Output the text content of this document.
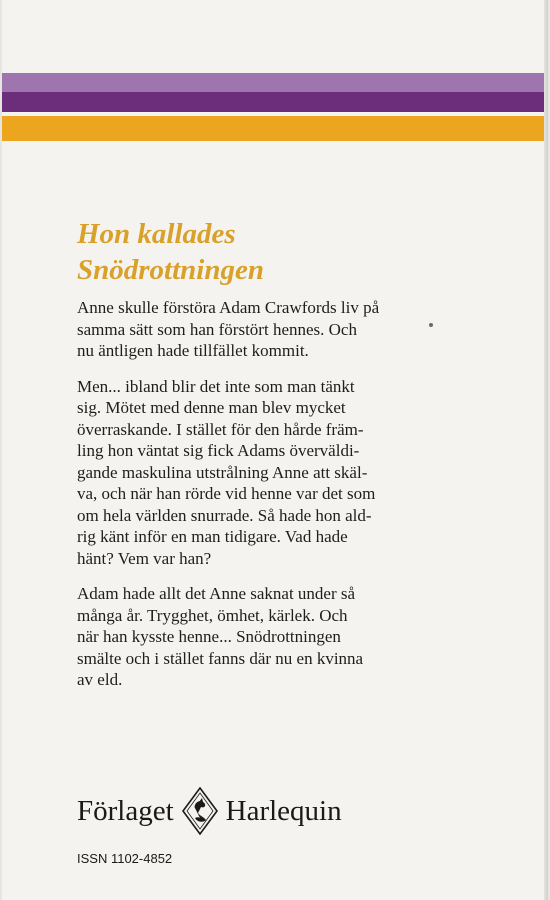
Hon kallades
Snödrottningen

Anne skulle förstöra Adam Crawfords liv på
samma sätt som han förstört hennes. Och
nu äntligen hade tillfället kommit.

Men... ibland blir det inte som man tänkt
sig. Mötet med denne man blev mycket
överraskande. I stället för den hårde främ-
ling hon väntat sig fick Adams överväldi-
gande maskulina utstrålning Anne att skäl-
va, och när han rörde vid henne var det som
om hela världen snurrade. Så hade hon ald-
rig känt inför en man tidigare. Vad hade
hänt? Vem var han?

Adam hade allt det Anne saknat under så
många år. Trygghet, ömhet, kärlek. Och
när han kysste henne... Snödrottningen
smälte och i stället fanns där nu en kvinna
av eld.

Förlaget Harlequin
ISSN 1102-4852
